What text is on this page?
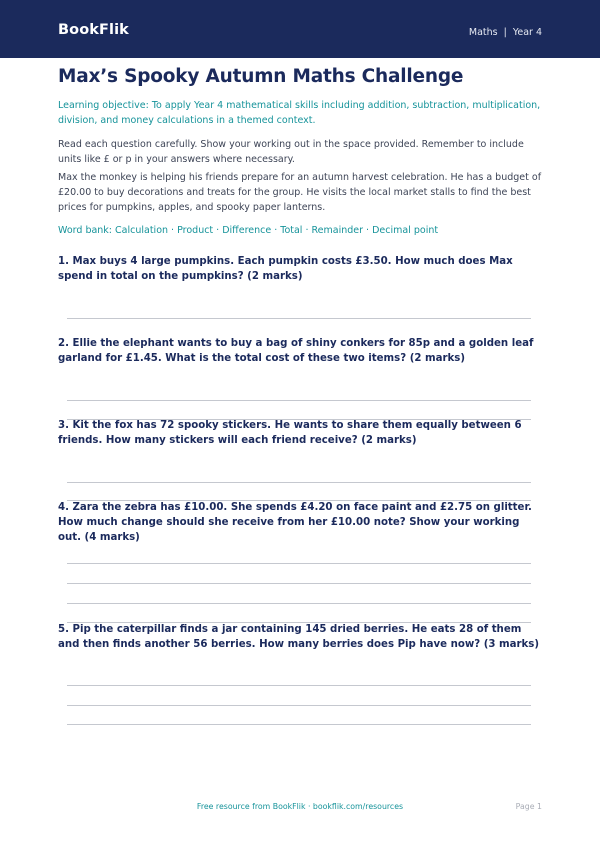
BookFlik	Maths | Year 4
Max’s Spooky Autumn Maths Challenge

Learning objective: To apply Year 4 mathematical skills including addition, subtraction, multiplication, division, and money calculations in a themed context.

Read each question carefully. Show your working out in the space provided. Remember to include units like £ or p in your answers where necessary.

Max the monkey is helping his friends prepare for an autumn harvest celebration. He has a budget of £20.00 to buy decorations and treats for the group. He visits the local market stalls to find the best prices for pumpkins, apples, and spooky paper lanterns.

Word bank: Calculation · Product · Difference · Total · Remainder · Decimal point

1. Max buys 4 large pumpkins. Each pumpkin costs £3.50. How much does Max spend in total on the pumpkins? (2 marks)

2. Ellie the elephant wants to buy a bag of shiny conkers for 85p and a golden leaf garland for £1.45. What is the total cost of these two items? (2 marks)

3. Kit the fox has 72 spooky stickers. He wants to share them equally between 6 friends. How many stickers will each friend receive? (2 marks)

4. Zara the zebra has £10.00. She spends £4.20 on face paint and £2.75 on glitter. How much change should she receive from her £10.00 note? Show your working out. (4 marks)

5. Pip the caterpillar finds a jar containing 145 dried berries. He eats 28 of them and then finds another 56 berries. How many berries does Pip have now? (3 marks)

Free resource from BookFlik · bookflik.com/resources	Page 1
